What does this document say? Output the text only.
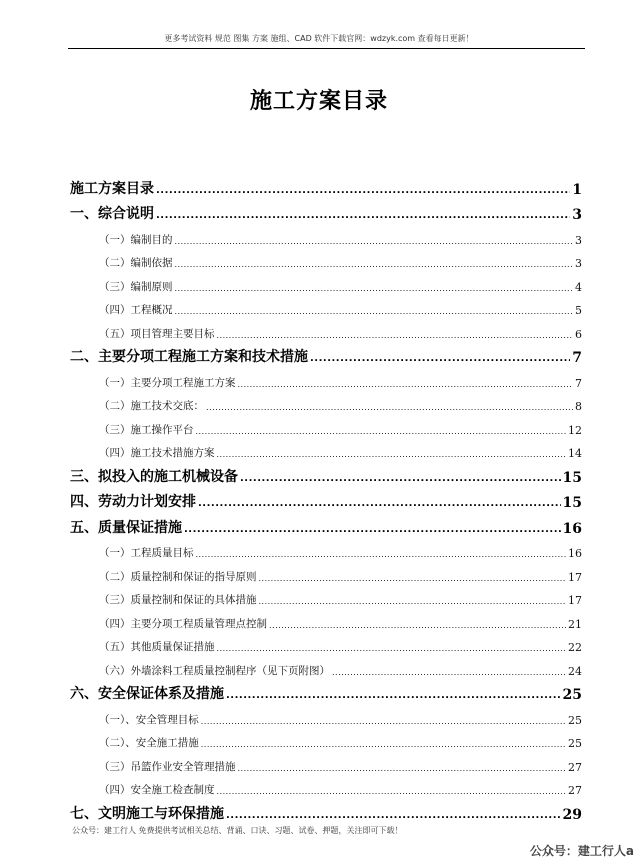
更多考试资料 规范 图集 方案 施组、CAD 软件下载官网：wdzyk.com 查看每日更新！
施工方案目录
施工方案目录 .....	1
一、综合说明 .....	3
（一）编制目的 .....	3
（二）编制依据 .....	3
（三）编制原则 .....	4
（四）工程概况 .....	5
（五）项目管理主要目标 .....	6
二、主要分项工程施工方案和技术措施 .....	7
（一）主要分项工程施工方案 .....	7
（二）施工技术交底： .....	8
（三）施工操作平台 .....	12
（四）施工技术措施方案 .....	14
三、拟投入的施工机械设备 .....	15
四、劳动力计划安排 .....	15
五、质量保证措施 .....	16
（一）工程质量目标 .....	16
（二）质量控制和保证的指导原则 .....	17
（三）质量控制和保证的具体措施 .....	17
（四）主要分项工程质量管理点控制 .....	21
（五）其他质量保证措施 .....	22
（六）外墙涂料工程质量控制程序（见下页附图） .....	24
六、安全保证体系及措施 .....	25
（一）、安全管理目标 .....	25
（二）、安全施工措施 .....	25
（三）吊篮作业安全管理措施 .....	27
（四）安全施工检查制度 .....	27
七、文明施工与环保措施 .....	29
公众号：建工行人 免费提供考试相关总结、背诵、口诀、习题、试卷、押题，关注即可下载！
公众号：建工行人a
